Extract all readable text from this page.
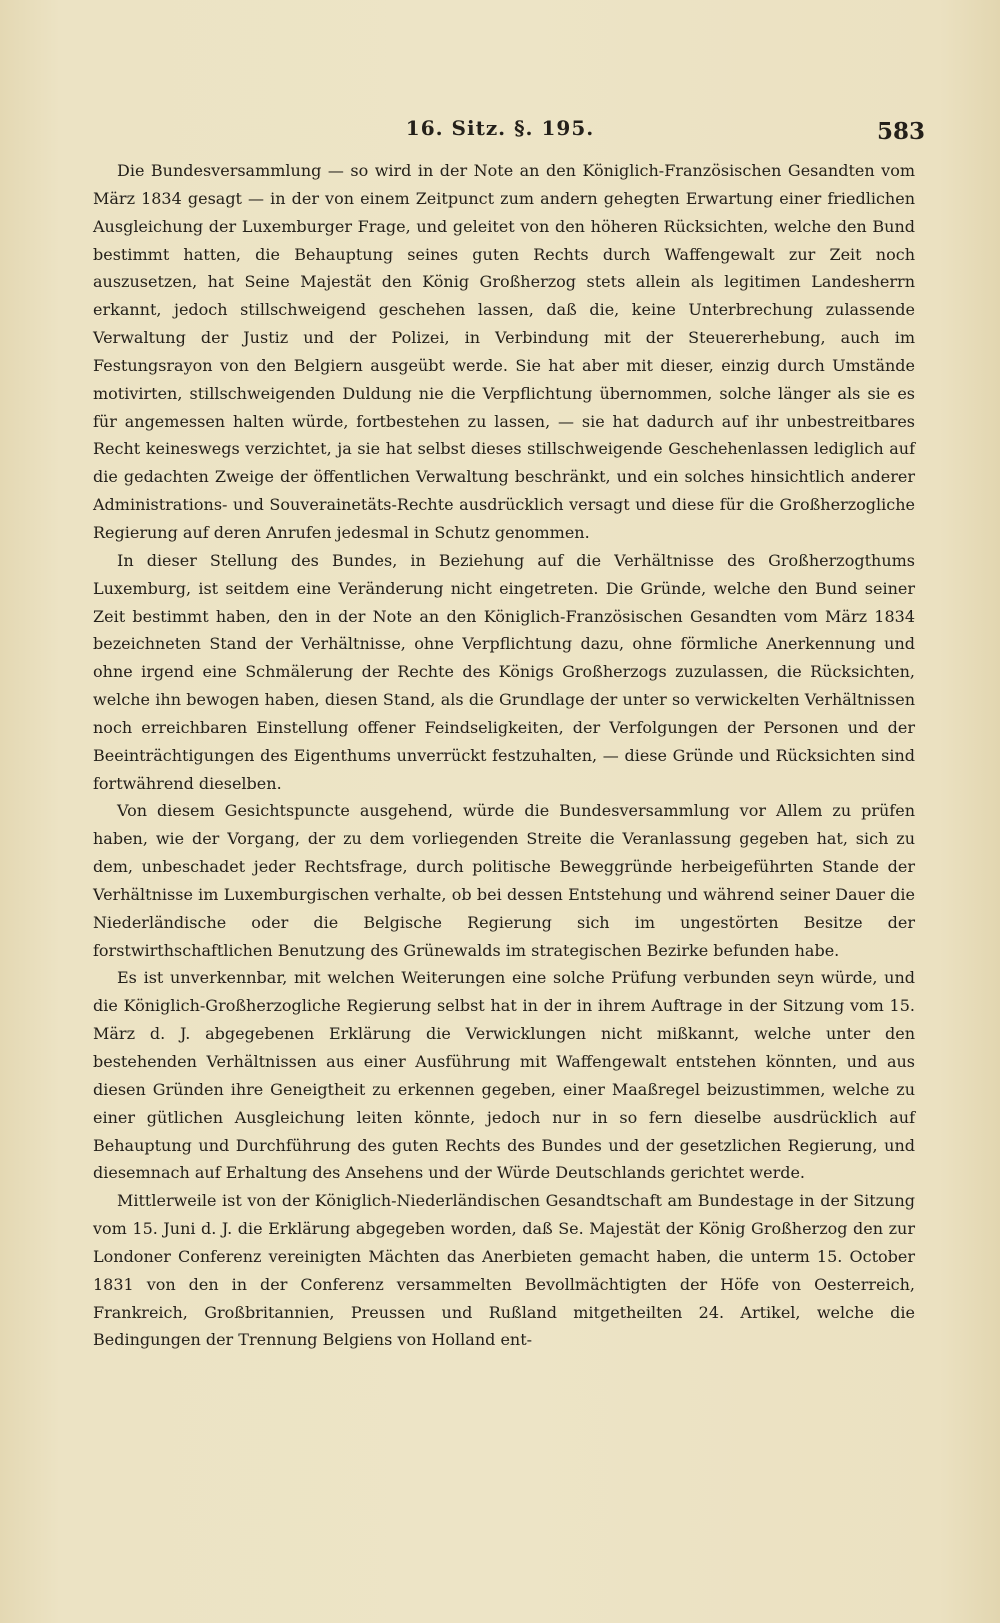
16. Sitz. §. 195.	583

Die Bundesversammlung — so wird in der Note an den Königlich-Französischen Gesandten vom März 1834 gesagt — in der von einem Zeitpunct zum andern gehegten Erwartung einer friedlichen Ausgleichung der Luxemburger Frage, und geleitet von den höheren Rücksichten, welche den Bund bestimmt hatten, die Behauptung seines guten Rechts durch Waffengewalt zur Zeit noch auszusetzen, hat Seine Majestät den König Großherzog stets allein als legitimen Landesherrn erkannt, jedoch stillschweigend geschehen lassen, daß die, keine Unterbrechung zulassende Verwaltung der Justiz und der Polizei, in Verbindung mit der Steuererhebung, auch im Festungsrayon von den Belgiern ausgeübt werde. Sie hat aber mit dieser, einzig durch Umstände motivirten, stillschweigenden Duldung nie die Verpflichtung übernommen, solche länger als sie es für angemessen halten würde, fortbestehen zu lassen, — sie hat dadurch auf ihr unbestreitbares Recht keineswegs verzichtet, ja sie hat selbst dieses stillschweigende Geschehenlassen lediglich auf die gedachten Zweige der öffentlichen Verwaltung beschränkt, und ein solches hinsichtlich anderer Administrations- und Souverainetäts-Rechte ausdrücklich versagt und diese für die Großherzogliche Regierung auf deren Anrufen jedesmal in Schutz genommen.

In dieser Stellung des Bundes, in Beziehung auf die Verhältnisse des Großherzogthums Luxemburg, ist seitdem eine Veränderung nicht eingetreten. Die Gründe, welche den Bund seiner Zeit bestimmt haben, den in der Note an den Königlich-Französischen Gesandten vom März 1834 bezeichneten Stand der Verhältnisse, ohne Verpflichtung dazu, ohne förmliche Anerkennung und ohne irgend eine Schmälerung der Rechte des Königs Großherzogs zuzulassen, die Rücksichten, welche ihn bewogen haben, diesen Stand, als die Grundlage der unter so verwickelten Verhältnissen noch erreichbaren Einstellung offener Feindseligkeiten, der Verfolgungen der Personen und der Beeinträchtigungen des Eigenthums unverrückt festzuhalten, — diese Gründe und Rücksichten sind fortwährend dieselben.

Von diesem Gesichtspuncte ausgehend, würde die Bundesversammlung vor Allem zu prüfen haben, wie der Vorgang, der zu dem vorliegenden Streite die Veranlassung gegeben hat, sich zu dem, unbeschadet jeder Rechtsfrage, durch politische Beweggründe herbeigeführten Stande der Verhältnisse im Luxemburgischen verhalte, ob bei dessen Entstehung und während seiner Dauer die Niederländische oder die Belgische Regierung sich im ungestörten Besitze der forstwirthschaftlichen Benutzung des Grünewalds im strategischen Bezirke befunden habe.

Es ist unverkennbar, mit welchen Weiterungen eine solche Prüfung verbunden seyn würde, und die Königlich-Großherzogliche Regierung selbst hat in der in ihrem Auftrage in der Sitzung vom 15. März d. J. abgegebenen Erklärung die Verwicklungen nicht mißkannt, welche unter den bestehenden Verhältnissen aus einer Ausführung mit Waffengewalt entstehen könnten, und aus diesen Gründen ihre Geneigtheit zu erkennen gegeben, einer Maaßregel beizustimmen, welche zu einer gütlichen Ausgleichung leiten könnte, jedoch nur in so fern dieselbe ausdrücklich auf Behauptung und Durchführung des guten Rechts des Bundes und der gesetzlichen Regierung, und diesemnach auf Erhaltung des Ansehens und der Würde Deutschlands gerichtet werde.

Mittlerweile ist von der Königlich-Niederländischen Gesandtschaft am Bundestage in der Sitzung vom 15. Juni d. J. die Erklärung abgegeben worden, daß Se. Majestät der König Großherzog den zur Londoner Conferenz vereinigten Mächten das Anerbieten gemacht haben, die unterm 15. October 1831 von den in der Conferenz versammelten Bevollmächtigten der Höfe von Oesterreich, Frankreich, Großbritannien, Preussen und Rußland mitgetheilten 24. Artikel, welche die Bedingungen der Trennung Belgiens von Holland ent-
